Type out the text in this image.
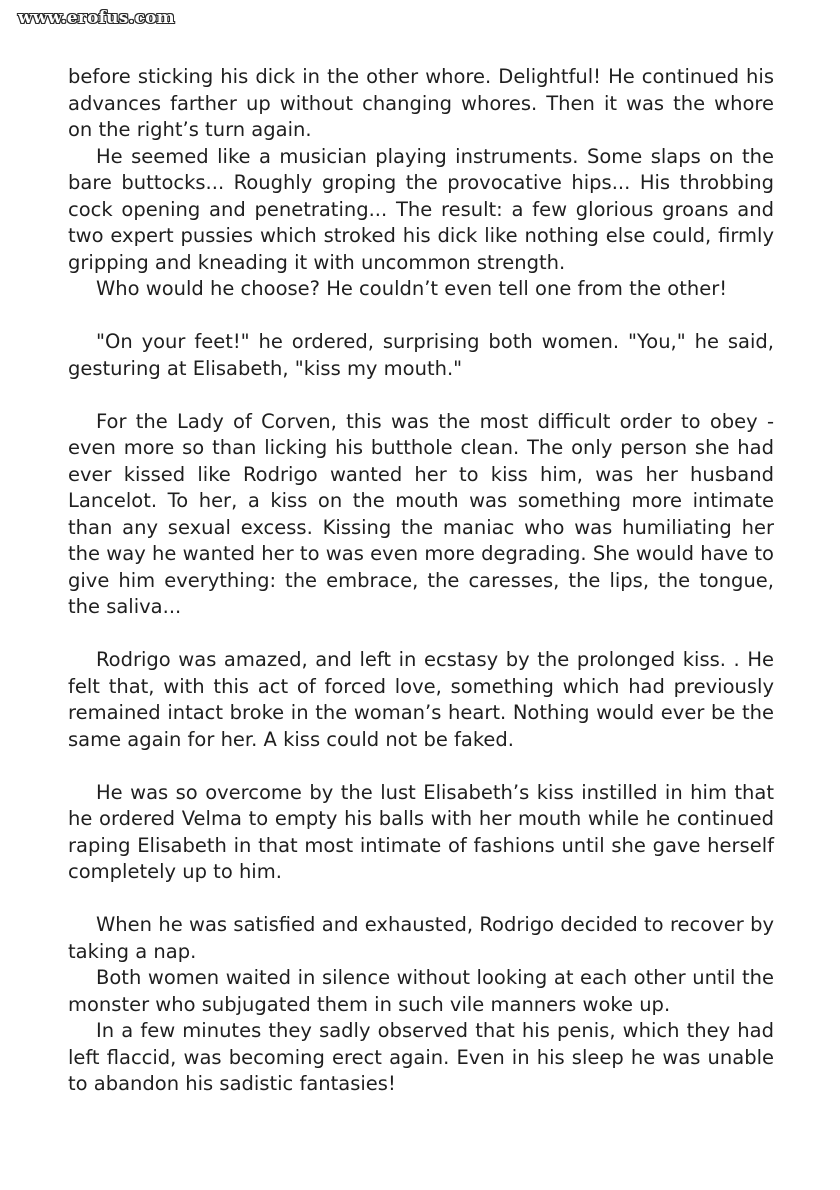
www.erofus.com

before sticking his dick in the other whore. Delightful! He continued his advances farther up without changing whores. Then it was the whore on the right’s turn again.

He seemed like a musician playing instruments. Some slaps on the bare buttocks... Roughly groping the provocative hips... His throbbing cock opening and penetrating... The result: a few glorious groans and two expert pussies which stroked his dick like nothing else could, firmly gripping and kneading it with uncommon strength.

Who would he choose? He couldn’t even tell one from the other!

"On your feet!" he ordered, surprising both women. "You," he said, gesturing at Elisabeth, "kiss my mouth."

For the Lady of Corven, this was the most difficult order to obey - even more so than licking his butthole clean. The only person she had ever kissed like Rodrigo wanted her to kiss him, was her husband Lancelot. To her, a kiss on the mouth was something more intimate than any sexual excess. Kissing the maniac who was humiliating her the way he wanted her to was even more degrading. She would have to give him everything: the embrace, the caresses, the lips, the tongue, the saliva...

Rodrigo was amazed, and left in ecstasy by the prolonged kiss. . He felt that, with this act of forced love, something which had previously remained intact broke in the woman’s heart. Nothing would ever be the same again for her. A kiss could not be faked.

He was so overcome by the lust Elisabeth’s kiss instilled in him that he ordered Velma to empty his balls with her mouth while he continued raping Elisabeth in that most intimate of fashions until she gave herself completely up to him.

When he was satisfied and exhausted, Rodrigo decided to recover by taking a nap.

Both women waited in silence without looking at each other until the monster who subjugated them in such vile manners woke up.

In a few minutes they sadly observed that his penis, which they had left flaccid, was becoming erect again. Even in his sleep he was unable to abandon his sadistic fantasies!
